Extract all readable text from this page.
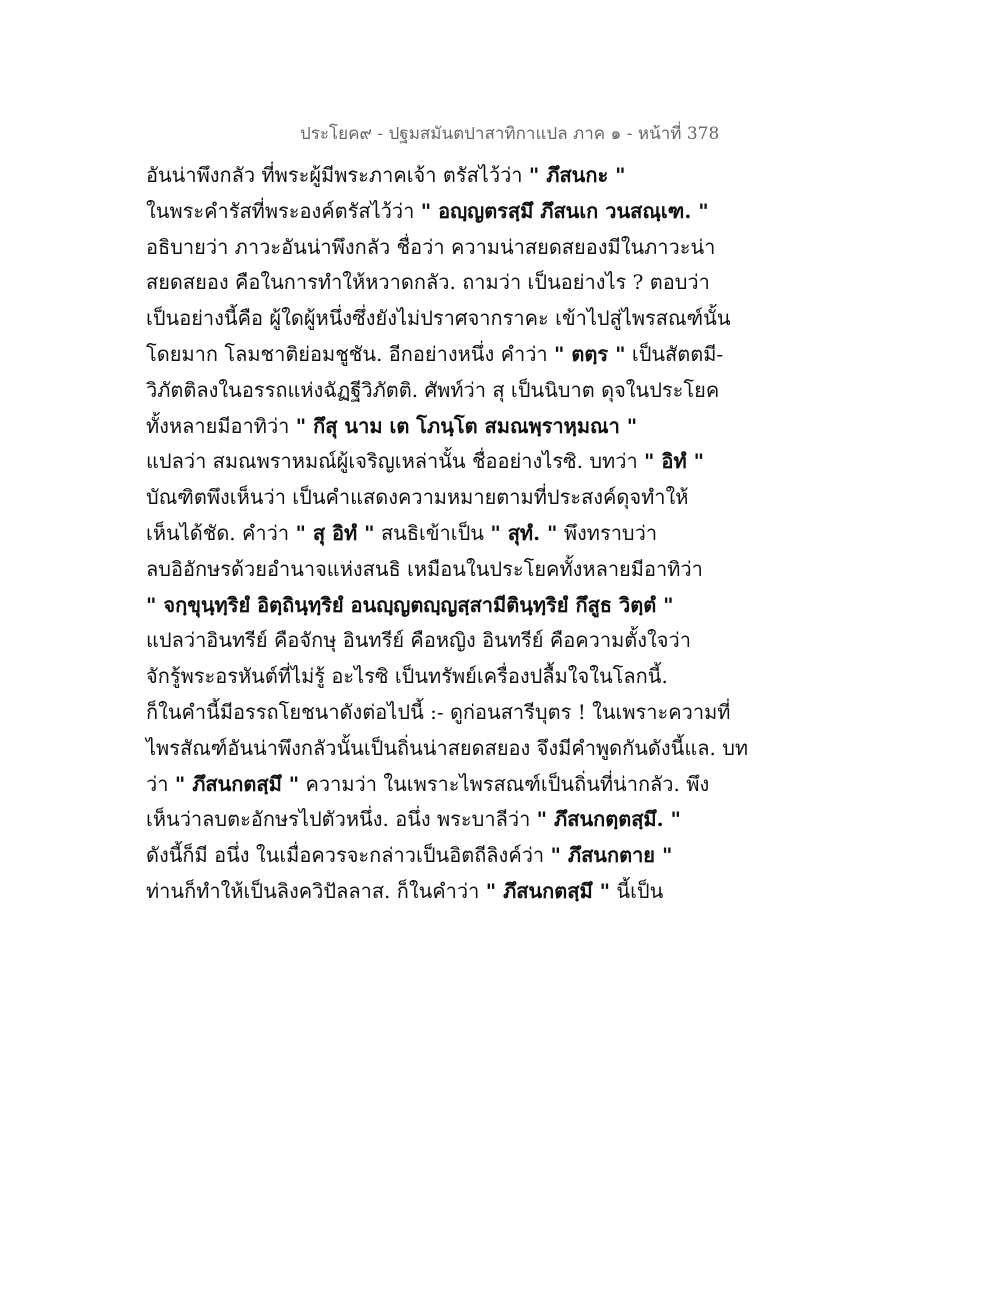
ประโยค๙ - ปฐมสมันตปาสาทิกาแปล ภาค ๑ - หน้าที่ 378
อันน่าพึงกลัว ที่พระผู้มีพระภาคเจ้า ตรัสไว้ว่า " ภึสนกะ "
ในพระคำรัสที่พระองค์ตรัสไว้ว่า " อญฺญตรสฺมึ ภึสนเก วนสณฺเฑ. "
อธิบายว่า ภาวะอันน่าพึงกลัว ชื่อว่า ความน่าสยดสยองมีในภาวะน่า
สยดสยอง คือในการทำให้หวาดกลัว. ถามว่า เป็นอย่างไร ? ตอบว่า
เป็นอย่างนี้คือ ผู้ใดผู้หนึ่งซึ่งยังไม่ปราศจากราคะ เข้าไปสู่ไพรสณฑ์นั้น
โดยมาก โลมชาติย่อมชูชัน. อีกอย่างหนึ่ง คำว่า " ตตฺร " เป็นสัตตมี-
วิภัตติลงในอรรถแห่งฉัฏฐีวิภัตติ. ศัพท์ว่า สุ เป็นนิบาต ดุจในประโยค
ทั้งหลายมีอาทิว่า " กึสุ นาม เต โภนฺโต สมณพฺราหฺมณา "
แปลว่า สมณพราหมณ์ผู้เจริญเหล่านั้น ชื่ออย่างไรซิ. บทว่า " อิทํ "
บัณฑิตพึงเห็นว่า เป็นคำแสดงความหมายตามที่ประสงค์ดุจทำให้
เห็นได้ชัด. คำว่า " สุ อิทํ " สนธิเข้าเป็น " สุทํ. " พึงทราบว่า
ลบอิอักษรด้วยอำนาจแห่งสนธิ เหมือนในประโยคทั้งหลายมีอาทิว่า
" จกฺขุนฺทฺริยํ อิตฺถินฺทฺริยํ อนญฺญตญฺญสฺสามีตินฺทฺริยํ กึสูธ วิตฺตํ "
แปลว่าอินทรีย์ คือจักษุ อินทรีย์ คือหญิง อินทรีย์ คือความตั้งใจว่า
จักรู้พระอรหันต์ที่ไม่รู้ อะไรซิ เป็นทรัพย์เครื่องปลื้มใจในโลกนี้.
ก็ในคำนี้มีอรรถโยชนาดังต่อไปนี้ :- ดูก่อนสารีบุตร ! ในเพราะความที่
ไพรสัณฑ์อันน่าพึงกลัวนั้นเป็นถิ่นน่าสยดสยอง จึงมีคำพูดกันดังนี้แล. บท
ว่า " ภึสนกตสฺมึ " ความว่า ในเพราะไพรสณฑ์เป็นถิ่นที่น่ากลัว. พึง
เห็นว่าลบตะอักษรไปตัวหนึ่ง. อนึ่ง พระบาลีว่า " ภึสนกตฺตสฺมึ. "
ดังนี้ก็มี อนึ่ง ในเมื่อควรจะกล่าวเป็นอิตถีลิงค์ว่า " ภึสนกตาย "
ท่านก็ทำให้เป็นลิงควิปัลลาส. ก็ในคำว่า " ภึสนกตสฺมึ " นี้เป็น
